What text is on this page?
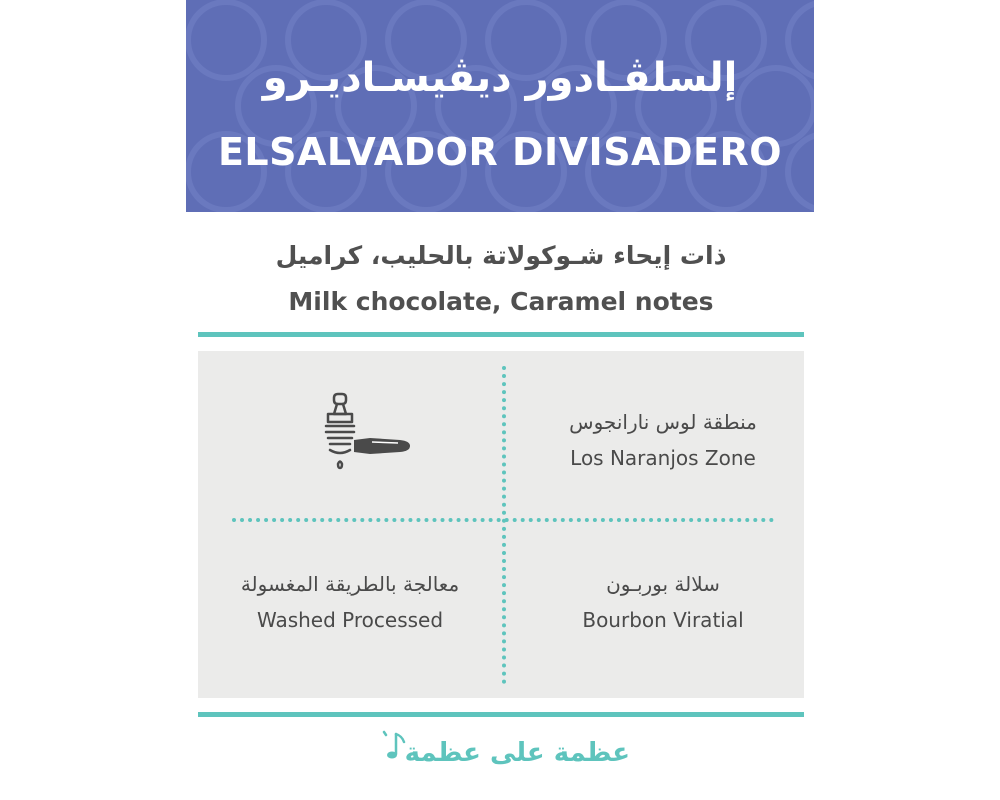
إلسلڤـادور ديڤيسـاديـرو
ELSALVADOR DIVISADERO
ذات إيحاء شـوكولاتة بالحليب، كراميل
Milk chocolate, Caramel notes
منطقة لوس نارانجوس
Los Naranjos Zone
سلالة بوربـون
Bourbon Viratial
معالجة بالطريقة المغسولة
Washed Processed
عظمة على عظمة
